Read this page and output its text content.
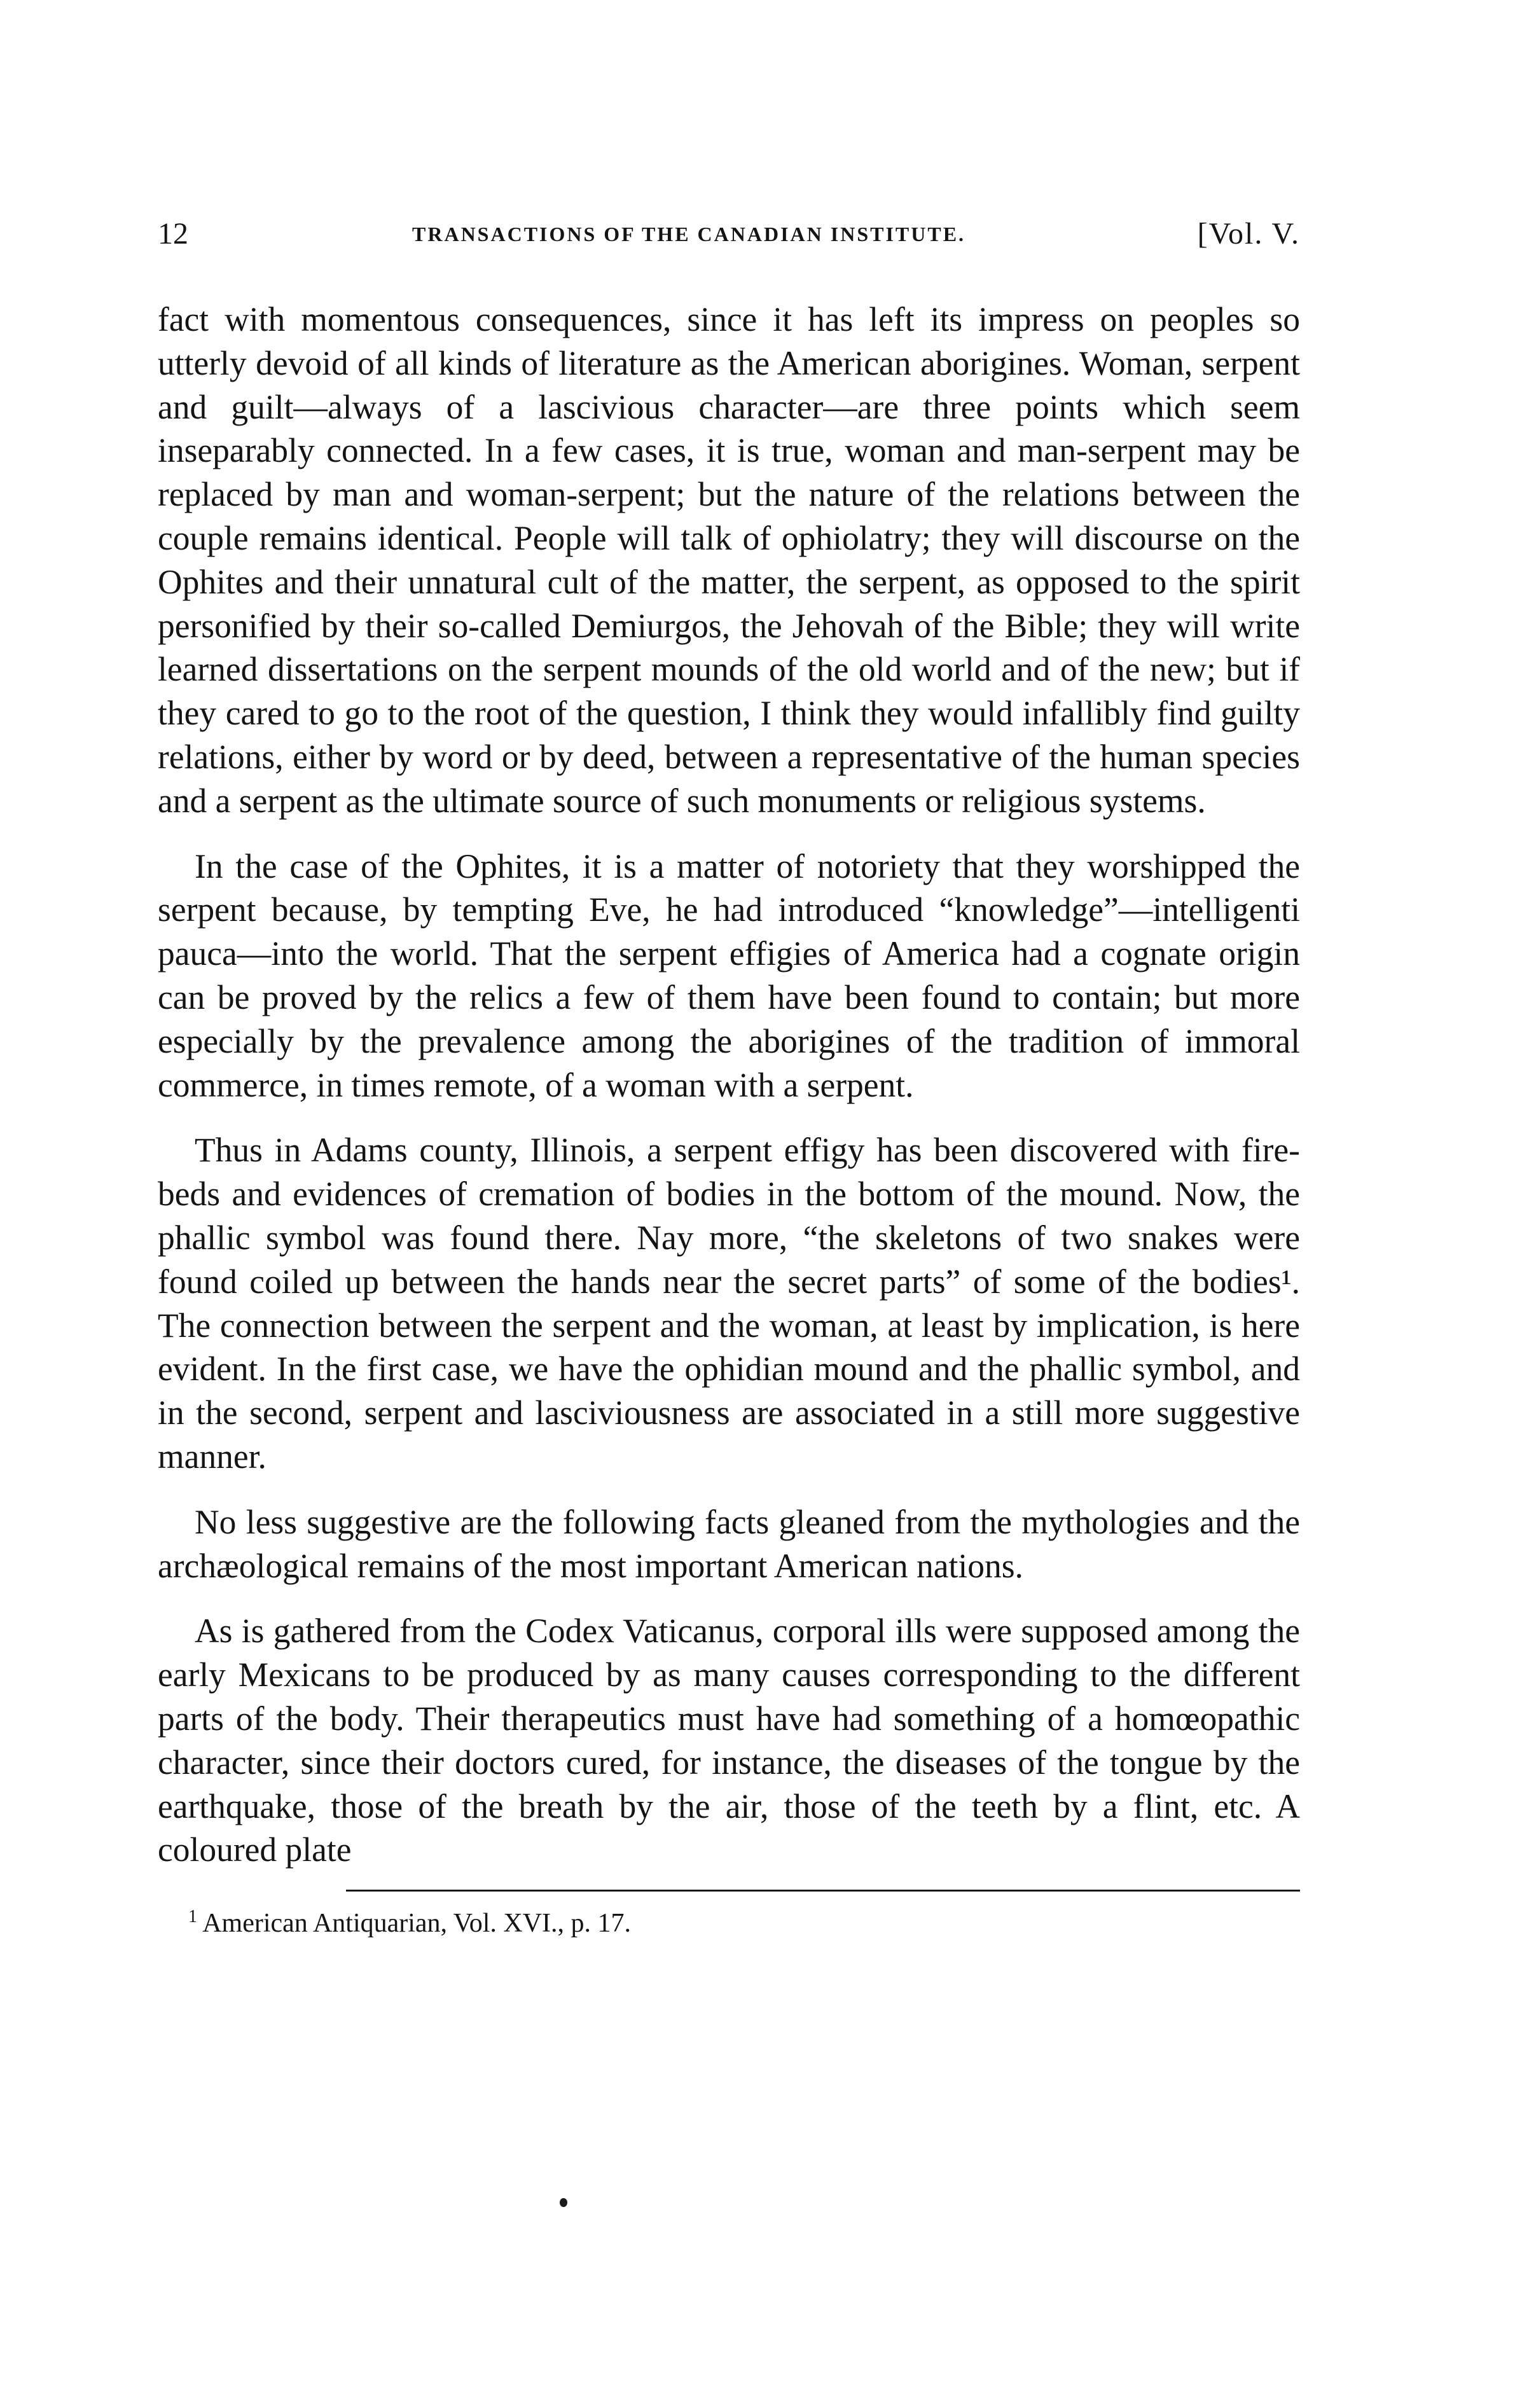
12	TRANSACTIONS OF THE CANADIAN INSTITUTE.	[Vol. V.

fact with momentous consequences, since it has left its impress on peoples so utterly devoid of all kinds of literature as the American aborigines. Woman, serpent and guilt—always of a lascivious character—are three points which seem inseparably connected. In a few cases, it is true, woman and man-serpent may be replaced by man and woman-serpent; but the nature of the relations between the couple remains identical. People will talk of ophiolatry; they will discourse on the Ophites and their unnatural cult of the matter, the serpent, as opposed to the spirit personified by their so-called Demiurgos, the Jehovah of the Bible; they will write learned dissertations on the serpent mounds of the old world and of the new; but if they cared to go to the root of the question, I think they would infallibly find guilty relations, either by word or by deed, between a representative of the human species and a serpent as the ultimate source of such monuments or religious systems.

In the case of the Ophites, it is a matter of notoriety that they worshipped the serpent because, by tempting Eve, he had introduced “knowledge”—intelligenti pauca—into the world. That the serpent effigies of America had a cognate origin can be proved by the relics a few of them have been found to contain; but more especially by the prevalence among the aborigines of the tradition of immoral commerce, in times remote, of a woman with a serpent.

Thus in Adams county, Illinois, a serpent effigy has been discovered with fire-beds and evidences of cremation of bodies in the bottom of the mound. Now, the phallic symbol was found there. Nay more, “the skeletons of two snakes were found coiled up between the hands near the secret parts” of some of the bodies¹. The connection between the serpent and the woman, at least by implication, is here evident. In the first case, we have the ophidian mound and the phallic symbol, and in the second, serpent and lasciviousness are associated in a still more suggestive manner.

No less suggestive are the following facts gleaned from the mythologies and the archæological remains of the most important American nations.

As is gathered from the Codex Vaticanus, corporal ills were supposed among the early Mexicans to be produced by as many causes corresponding to the different parts of the body. Their therapeutics must have had something of a homœopathic character, since their doctors cured, for instance, the diseases of the tongue by the earthquake, those of the breath by the air, those of the teeth by a flint, etc. A coloured plate

$^1$ American Antiquarian, Vol. XVI., p. 17.
